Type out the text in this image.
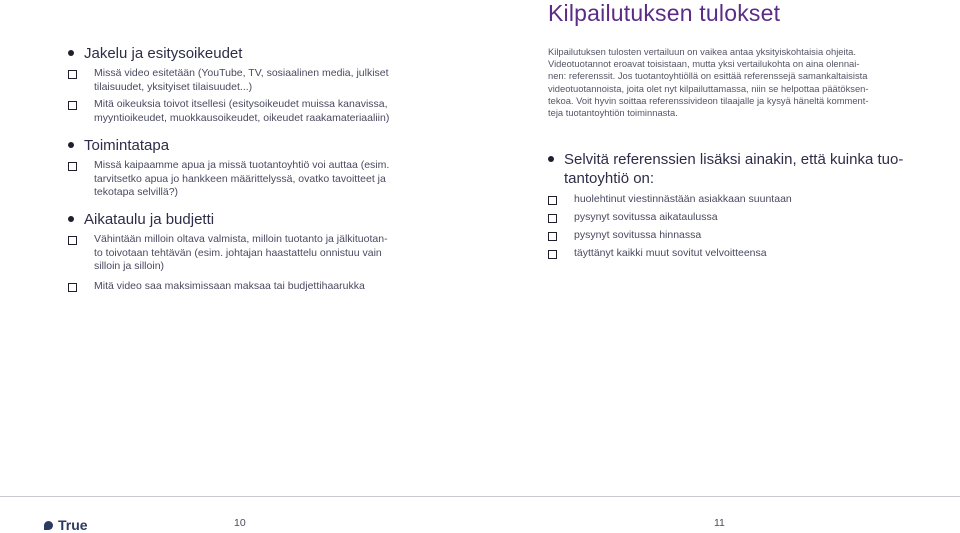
Jakelu ja esitysoikeudet
Missä video esitetään (YouTube, TV, sosiaalinen media, julkiset
tilaisuudet, yksityiset tilaisuudet...)
Mitä oikeuksia toivot itsellesi (esitysoikeudet muissa kanavissa,
myyntioikeudet, muokkausoikeudet, oikeudet raakamateriaaliin)
Toimintatapa
Missä kaipaamme apua ja missä tuotantoyhtiö voi auttaa (esim.
tarvitsetko apua jo hankkeen määrittelyssä, ovatko tavoitteet ja
tekotapa selvillä?)
Aikataulu ja budjetti
Vähintään milloin oltava valmista, milloin tuotanto ja jälkituotan-
to toivotaan tehtävän (esim. johtajan haastattelu onnistuu vain
silloin ja silloin)
Mitä video saa maksimissaan maksaa tai budjettihaarukka
True	10
Kilpailutuksen tulokset
Kilpailutuksen tulosten vertailuun on vaikea antaa yksityiskohtaisia ohjeita.
Videotuotannot eroavat toisistaan, mutta yksi vertailukohta on aina olennai-
nen: referenssit. Jos tuotantoyhtiöllä on esittää referenssejä samankaltaisista
videotuotannoista, joita olet nyt kilpailuttamassa, niin se helpottaa päätöksen-
tekoa. Voit hyvin soittaa referenssivideon tilaajalle ja kysyä häneltä komment-
teja tuotantoyhtiön toiminnasta.
Selvitä referenssien lisäksi ainakin, että kuinka tuo-
tantoyhtiö on:
huolehtinut viestinnästään asiakkaan suuntaan
pysynyt sovitussa aikataulussa
pysynyt sovitussa hinnassa
täyttänyt kaikki muut sovitut velvoitteensa
11
